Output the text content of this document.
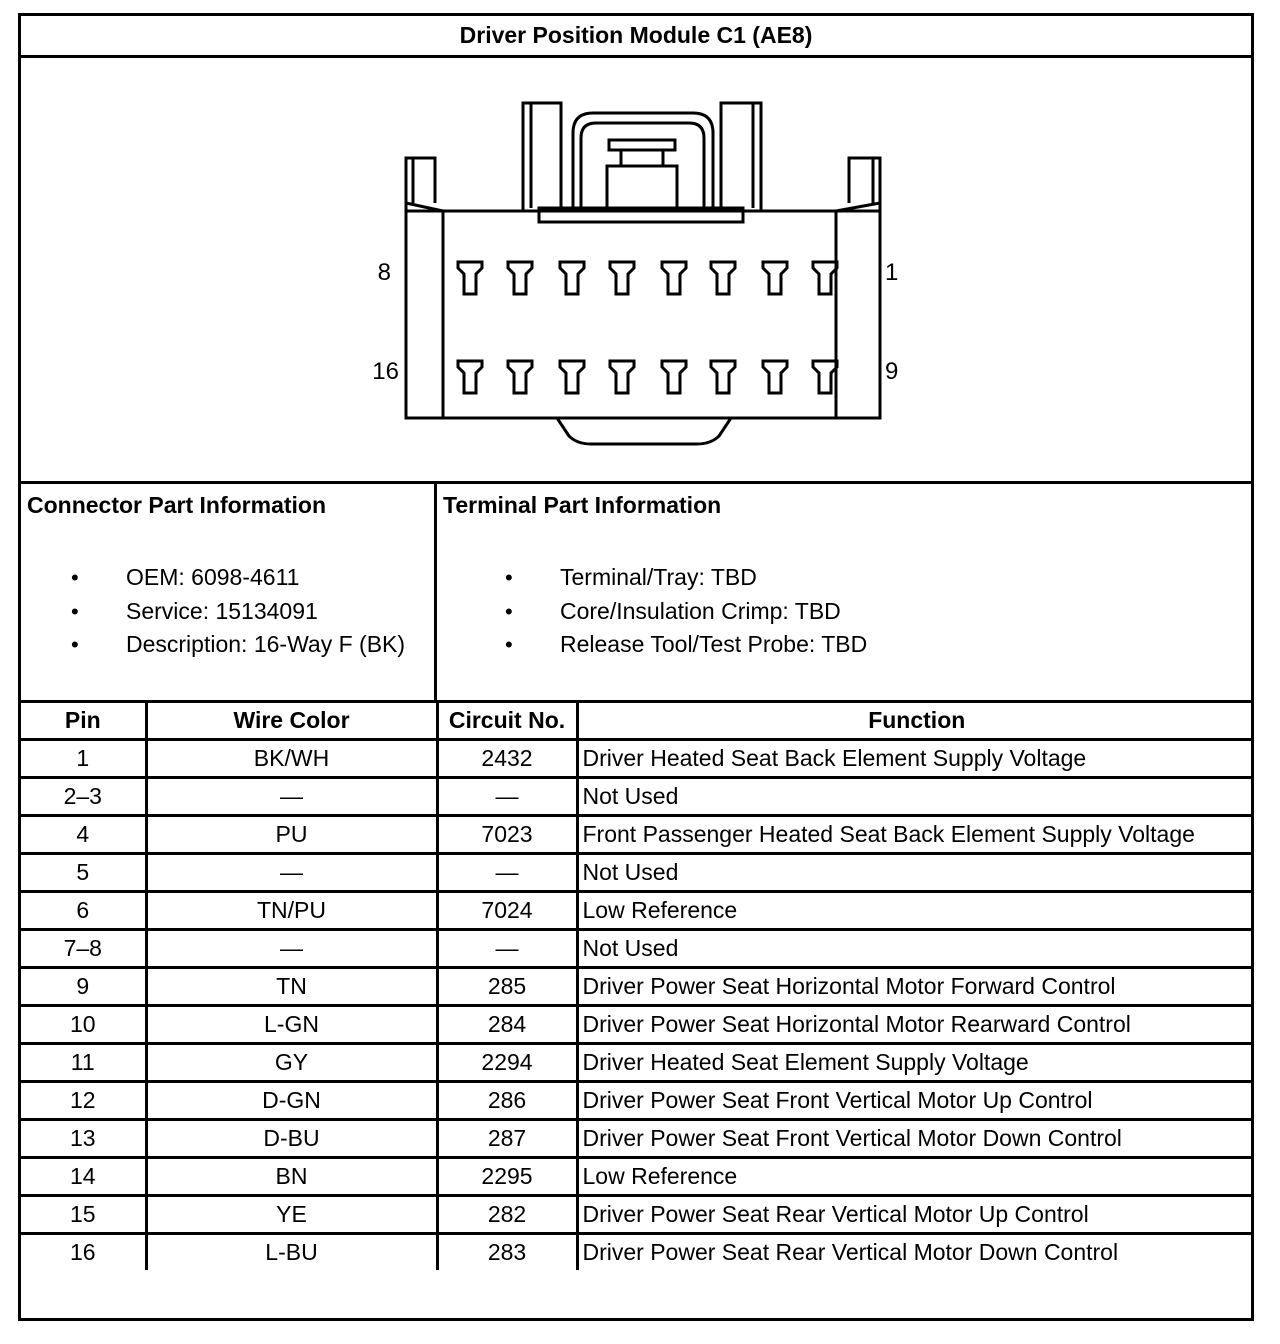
Driver Position Module C1 (AE8)
8	1
16	9
Connector Part Information
• OEM: 6098-4611
• Service: 15134091
• Description: 16-Way F (BK)
Terminal Part Information
• Terminal/Tray: TBD
• Core/Insulation Crimp: TBD
• Release Tool/Test Probe: TBD
Pin	Wire Color	Circuit No.	Function
1	BK/WH	2432	Driver Heated Seat Back Element Supply Voltage
2–3	—	—	Not Used
4	PU	7023	Front Passenger Heated Seat Back Element Supply Voltage
5	—	—	Not Used
6	TN/PU	7024	Low Reference
7–8	—	—	Not Used
9	TN	285	Driver Power Seat Horizontal Motor Forward Control
10	L-GN	284	Driver Power Seat Horizontal Motor Rearward Control
11	GY	2294	Driver Heated Seat Element Supply Voltage
12	D-GN	286	Driver Power Seat Front Vertical Motor Up Control
13	D-BU	287	Driver Power Seat Front Vertical Motor Down Control
14	BN	2295	Low Reference
15	YE	282	Driver Power Seat Rear Vertical Motor Up Control
16	L-BU	283	Driver Power Seat Rear Vertical Motor Down Control
